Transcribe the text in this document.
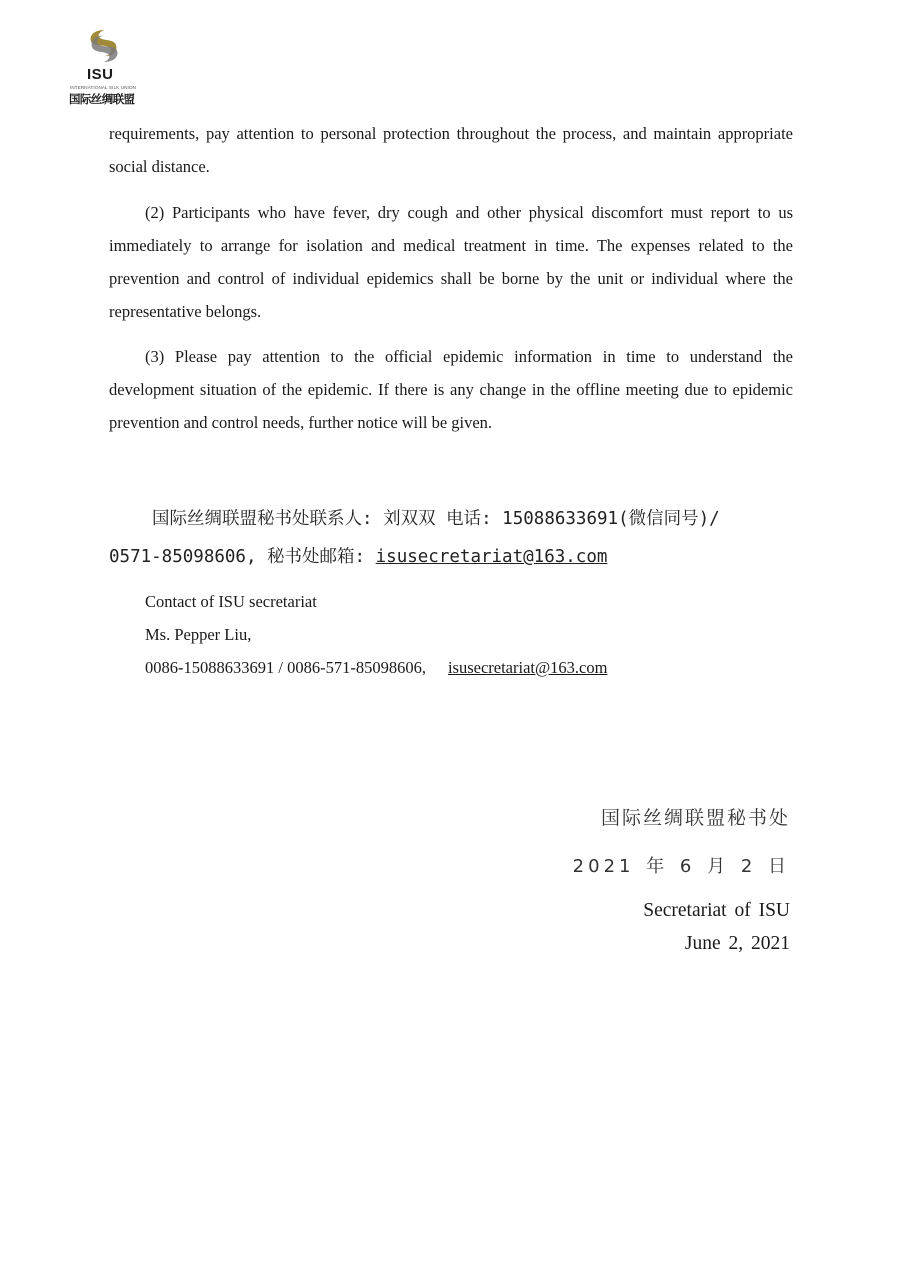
ISU
INTERNATIONAL SILK UNION
国际丝绸联盟

requirements, pay attention to personal protection throughout the process, and maintain appropriate social distance.

(2) Participants who have fever, dry cough and other physical discomfort must report to us immediately to arrange for isolation and medical treatment in time. The expenses related to the prevention and control of individual epidemics shall be borne by the unit or individual where the representative belongs.

(3) Please pay attention to the official epidemic information in time to understand the development situation of the epidemic. If there is any change in the offline meeting due to epidemic prevention and control needs, further notice will be given.

国际丝绸联盟秘书处联系人: 刘双双 电话: 15088633691(微信同号)/

0571-85098606, 秘书处邮箱: isusecretariat@163.com

Contact of ISU secretariat

Ms. Pepper Liu,

0086-15088633691 / 0086-571-85098606, isusecretariat@163.com

国际丝绸联盟秘书处

2021 年 6 月 2 日

Secretariat of ISU

June 2, 2021
